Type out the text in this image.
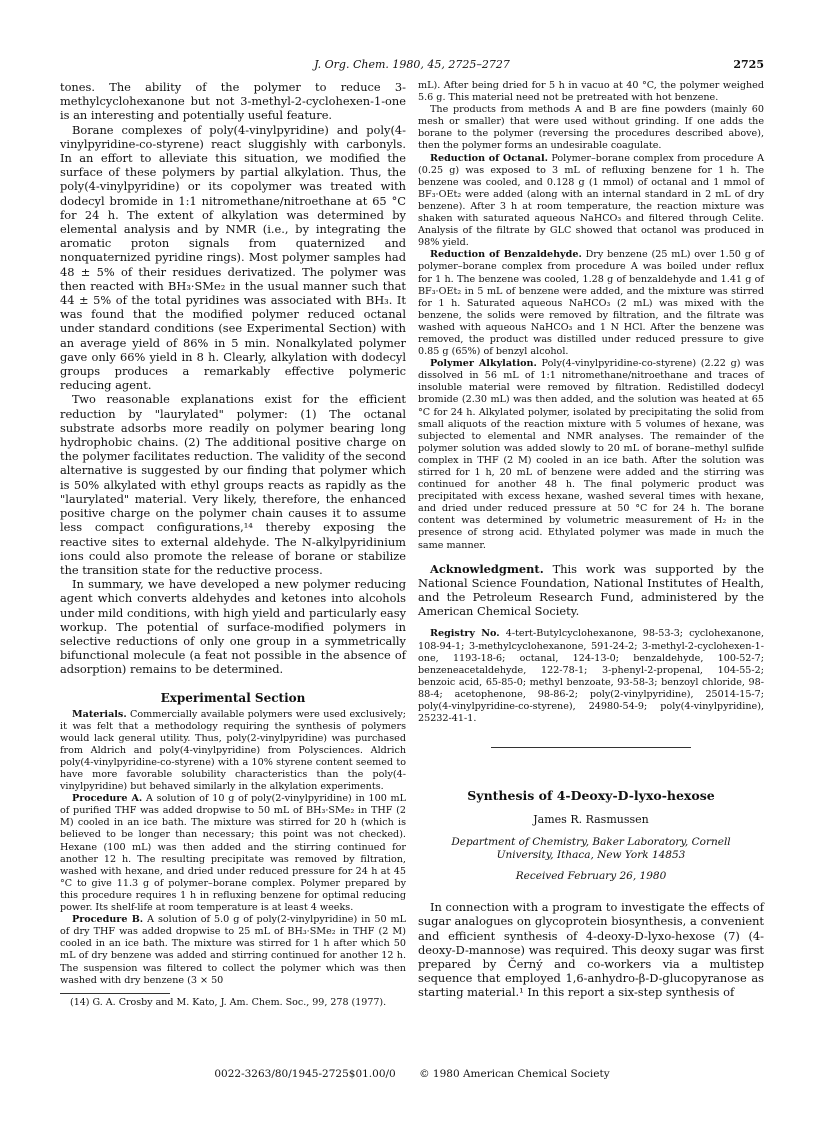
J. Org. Chem. 1980, 45, 2725–2727	2725

tones. The ability of the polymer to reduce 3-methylcyclohexanone but not 3-methyl-2-cyclohexen-1-one is an interesting and potentially useful feature.

Borane complexes of poly(4-vinylpyridine) and poly(4-vinylpyridine-co-styrene) react sluggishly with carbonyls. In an effort to alleviate this situation, we modified the surface of these polymers by partial alkylation. Thus, the poly(4-vinylpyridine) or its copolymer was treated with dodecyl bromide in 1:1 nitromethane/nitroethane at 65 °C for 24 h. The extent of alkylation was determined by elemental analysis and by NMR (i.e., by integrating the aromatic proton signals from quaternized and nonquaternized pyridine rings). Most polymer samples had 48 ± 5% of their residues derivatized. The polymer was then reacted with BH₃·SMe₂ in the usual manner such that 44 ± 5% of the total pyridines was associated with BH₃. It was found that the modified polymer reduced octanal under standard conditions (see Experimental Section) with an average yield of 86% in 5 min. Nonalkylated polymer gave only 66% yield in 8 h. Clearly, alkylation with dodecyl groups produces a remarkably effective polymeric reducing agent.

Two reasonable explanations exist for the efficient reduction by "laurylated" polymer: (1) The octanal substrate adsorbs more readily on polymer bearing long hydrophobic chains. (2) The additional positive charge on the polymer facilitates reduction. The validity of the second alternative is suggested by our finding that polymer which is 50% alkylated with ethyl groups reacts as rapidly as the "laurylated" material. Very likely, therefore, the enhanced positive charge on the polymer chain causes it to assume less compact configurations,¹⁴ thereby exposing the reactive sites to external aldehyde. The N-alkylpyridinium ions could also promote the release of borane or stabilize the transition state for the reductive process.

In summary, we have developed a new polymer reducing agent which converts aldehydes and ketones into alcohols under mild conditions, with high yield and particularly easy workup. The potential of surface-modified polymers in selective reductions of only one group in a symmetrically bifunctional molecule (a feat not possible in the absence of adsorption) remains to be determined.

Experimental Section

Materials. Commercially available polymers were used exclusively; it was felt that a methodology requiring the synthesis of polymers would lack general utility. Thus, poly(2-vinylpyridine) was purchased from Aldrich and poly(4-vinylpyridine) from Polysciences. Aldrich poly(4-vinylpyridine-co-styrene) with a 10% styrene content seemed to have more favorable solubility characteristics than the poly(4-vinylpyridine) but behaved similarly in the alkylation experiments.

Procedure A. A solution of 10 g of poly(2-vinylpyridine) in 100 mL of purified THF was added dropwise to 50 mL of BH₃·SMe₂ in THF (2 M) cooled in an ice bath. The mixture was stirred for 20 h (which is believed to be longer than necessary; this point was not checked). Hexane (100 mL) was then added and the stirring continued for another 12 h. The resulting precipitate was removed by filtration, washed with hexane, and dried under reduced pressure for 24 h at 45 °C to give 11.3 g of polymer–borane complex. Polymer prepared by this procedure requires 1 h in refluxing benzene for optimal reducing power. Its shelf-life at room temperature is at least 4 weeks.

Procedure B. A solution of 5.0 g of poly(2-vinylpyridine) in 50 mL of dry THF was added dropwise to 25 mL of BH₃·SMe₂ in THF (2 M) cooled in an ice bath. The mixture was stirred for 1 h after which 50 mL of dry benzene was added and stirring continued for another 12 h. The suspension was filtered to collect the polymer which was then washed with dry benzene (3 × 50

(14) G. A. Crosby and M. Kato, J. Am. Chem. Soc., 99, 278 (1977).

mL). After being dried for 5 h in vacuo at 40 °C, the polymer weighed 5.6 g. This material need not be pretreated with hot benzene.

The products from methods A and B are fine powders (mainly 60 mesh or smaller) that were used without grinding. If one adds the borane to the polymer (reversing the procedures described above), then the polymer forms an undesirable coagulate.

Reduction of Octanal. Polymer–borane complex from procedure A (0.25 g) was exposed to 3 mL of refluxing benzene for 1 h. The benzene was cooled, and 0.128 g (1 mmol) of octanal and 1 mmol of BF₃·OEt₂ were added (along with an internal standard in 2 mL of dry benzene). After 3 h at room temperature, the reaction mixture was shaken with saturated aqueous NaHCO₃ and filtered through Celite. Analysis of the filtrate by GLC showed that octanol was produced in 98% yield.

Reduction of Benzaldehyde. Dry benzene (25 mL) over 1.50 g of polymer–borane complex from procedure A was boiled under reflux for 1 h. The benzene was cooled, 1.28 g of benzaldehyde and 1.41 g of BF₃·OEt₂ in 5 mL of benzene were added, and the mixture was stirred for 1 h. Saturated aqueous NaHCO₃ (2 mL) was mixed with the benzene, the solids were removed by filtration, and the filtrate was washed with aqueous NaHCO₃ and 1 N HCl. After the benzene was removed, the product was distilled under reduced pressure to give 0.85 g (65%) of benzyl alcohol.

Polymer Alkylation. Poly(4-vinylpyridine-co-styrene) (2.22 g) was dissolved in 56 mL of 1:1 nitromethane/nitroethane and traces of insoluble material were removed by filtration. Redistilled dodecyl bromide (2.30 mL) was then added, and the solution was heated at 65 °C for 24 h. Alkylated polymer, isolated by precipitating the solid from small aliquots of the reaction mixture with 5 volumes of hexane, was subjected to elemental and NMR analyses. The remainder of the polymer solution was added slowly to 20 mL of borane–methyl sulfide complex in THF (2 M) cooled in an ice bath. After the solution was stirred for 1 h, 20 mL of benzene were added and the stirring was continued for another 48 h. The final polymeric product was precipitated with excess hexane, washed several times with hexane, and dried under reduced pressure at 50 °C for 24 h. The borane content was determined by volumetric measurement of H₂ in the presence of strong acid. Ethylated polymer was made in much the same manner.

Acknowledgment. This work was supported by the National Science Foundation, National Institutes of Health, and the Petroleum Research Fund, administered by the American Chemical Society.

Registry No. 4-tert-Butylcyclohexanone, 98-53-3; cyclohexanone, 108-94-1; 3-methylcyclohexanone, 591-24-2; 3-methyl-2-cyclohexen-1-one, 1193-18-6; octanal, 124-13-0; benzaldehyde, 100-52-7; benzeneacetaldehyde, 122-78-1; 3-phenyl-2-propenal, 104-55-2; benzoic acid, 65-85-0; methyl benzoate, 93-58-3; benzoyl chloride, 98-88-4; acetophenone, 98-86-2; poly(2-vinylpyridine), 25014-15-7; poly(4-vinylpyridine-co-styrene), 24980-54-9; poly(4-vinylpyridine), 25232-41-1.

Synthesis of 4-Deoxy-D-lyxo-hexose
James R. Rasmussen
Department of Chemistry, Baker Laboratory, Cornell
University, Ithaca, New York 14853
Received February 26, 1980

In connection with a program to investigate the effects of sugar analogues on glycoprotein biosynthesis, a convenient and efficient synthesis of 4-deoxy-D-lyxo-hexose (7) (4-deoxy-D-mannose) was required. This deoxy sugar was first prepared by Černý and co-workers via a multistep sequence that employed 1,6-anhydro-β-D-glucopyranose as starting material.¹ In this report a six-step synthesis of

0022-3263/80/1945-2725$01.00/0 © 1980 American Chemical Society
